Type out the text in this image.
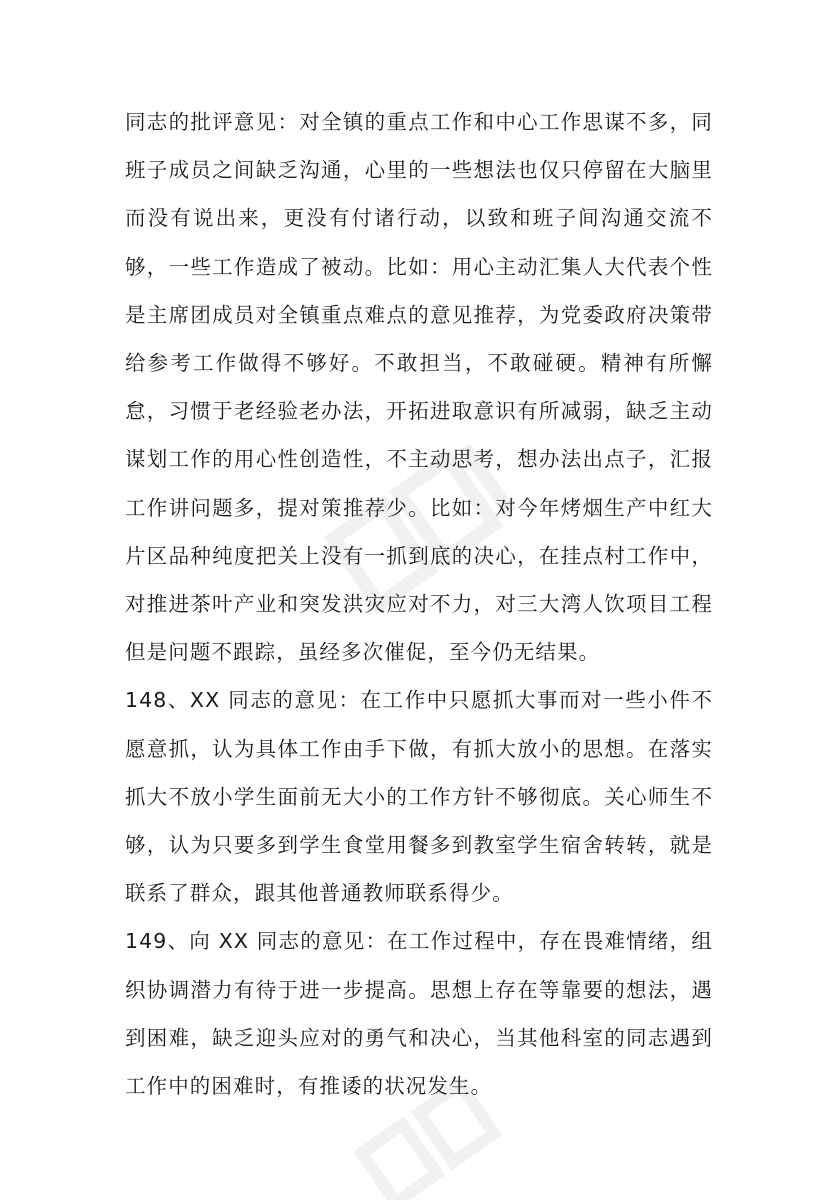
同志的批评意见：对全镇的重点工作和中心工作思谋不多，同班子成员之间缺乏沟通，心里的一些想法也仅只停留在大脑里而没有说出来，更没有付诸行动，以致和班子间沟通交流不够，一些工作造成了被动。比如：用心主动汇集人大代表个性是主席团成员对全镇重点难点的意见推荐，为党委政府决策带给参考工作做得不够好。不敢担当，不敢碰硬。精神有所懈怠，习惯于老经验老办法，开拓进取意识有所减弱，缺乏主动谋划工作的用心性创造性，不主动思考，想办法出点子，汇报工作讲问题多，提对策推荐少。比如：对今年烤烟生产中红大片区品种纯度把关上没有一抓到底的决心，在挂点村工作中，对推进茶叶产业和突发洪灾应对不力，对三大湾人饮项目工程但是问题不跟踪，虽经多次催促，至今仍无结果。

148、XX 同志的意见：在工作中只愿抓大事而对一些小件不愿意抓，认为具体工作由手下做，有抓大放小的思想。在落实抓大不放小学生面前无大小的工作方针不够彻底。关心师生不够，认为只要多到学生食堂用餐多到教室学生宿舍转转，就是联系了群众，跟其他普通教师联系得少。

149、向 XX 同志的意见：在工作过程中，存在畏难情绪，组织协调潜力有待于进一步提高。思想上存在等靠要的想法，遇到困难，缺乏迎头应对的勇气和决心，当其他科室的同志遇到工作中的困难时，有推诿的状况发生。
